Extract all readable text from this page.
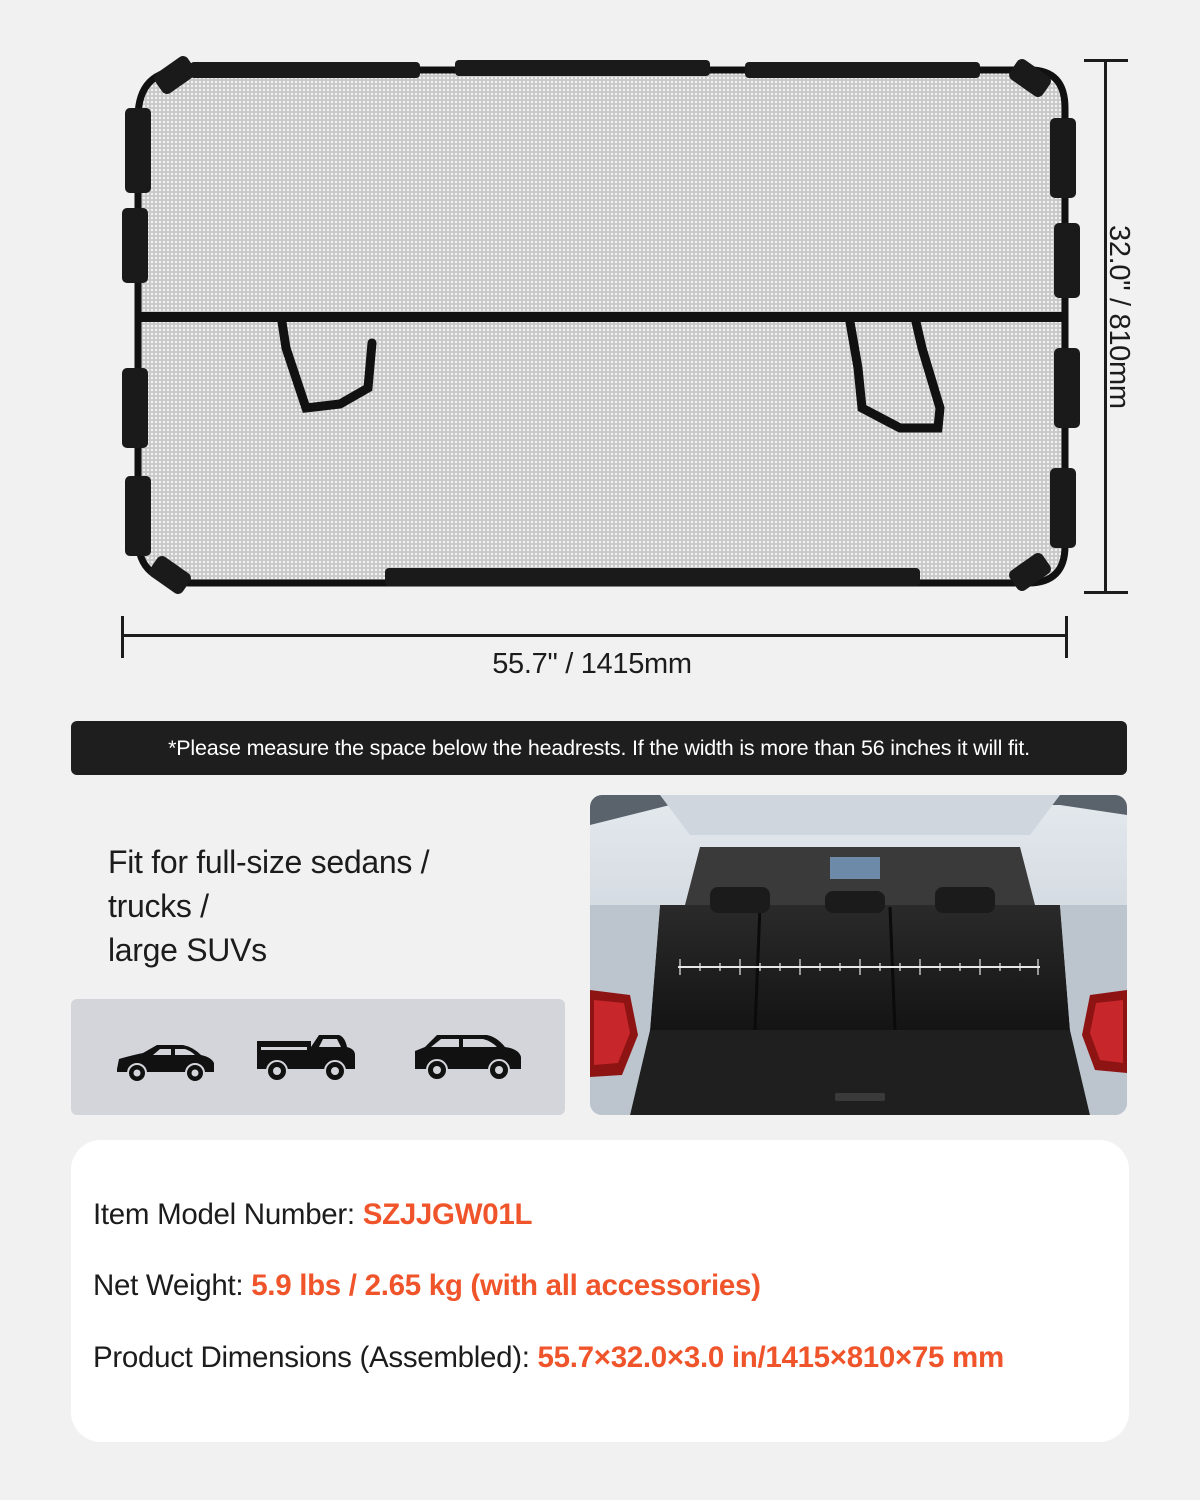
55.7" / 1415mm
32.0" / 810mm
*Please measure the space below the headrests. If the width is more than 56 inches it will fit.
Fit for full-size sedans /
trucks /
large SUVs
Item Model Number: SZJJGW01L
Net Weight: 5.9 lbs / 2.65 kg (with all accessories)
Product Dimensions (Assembled): 55.7×32.0×3.0 in/1415×810×75 mm
